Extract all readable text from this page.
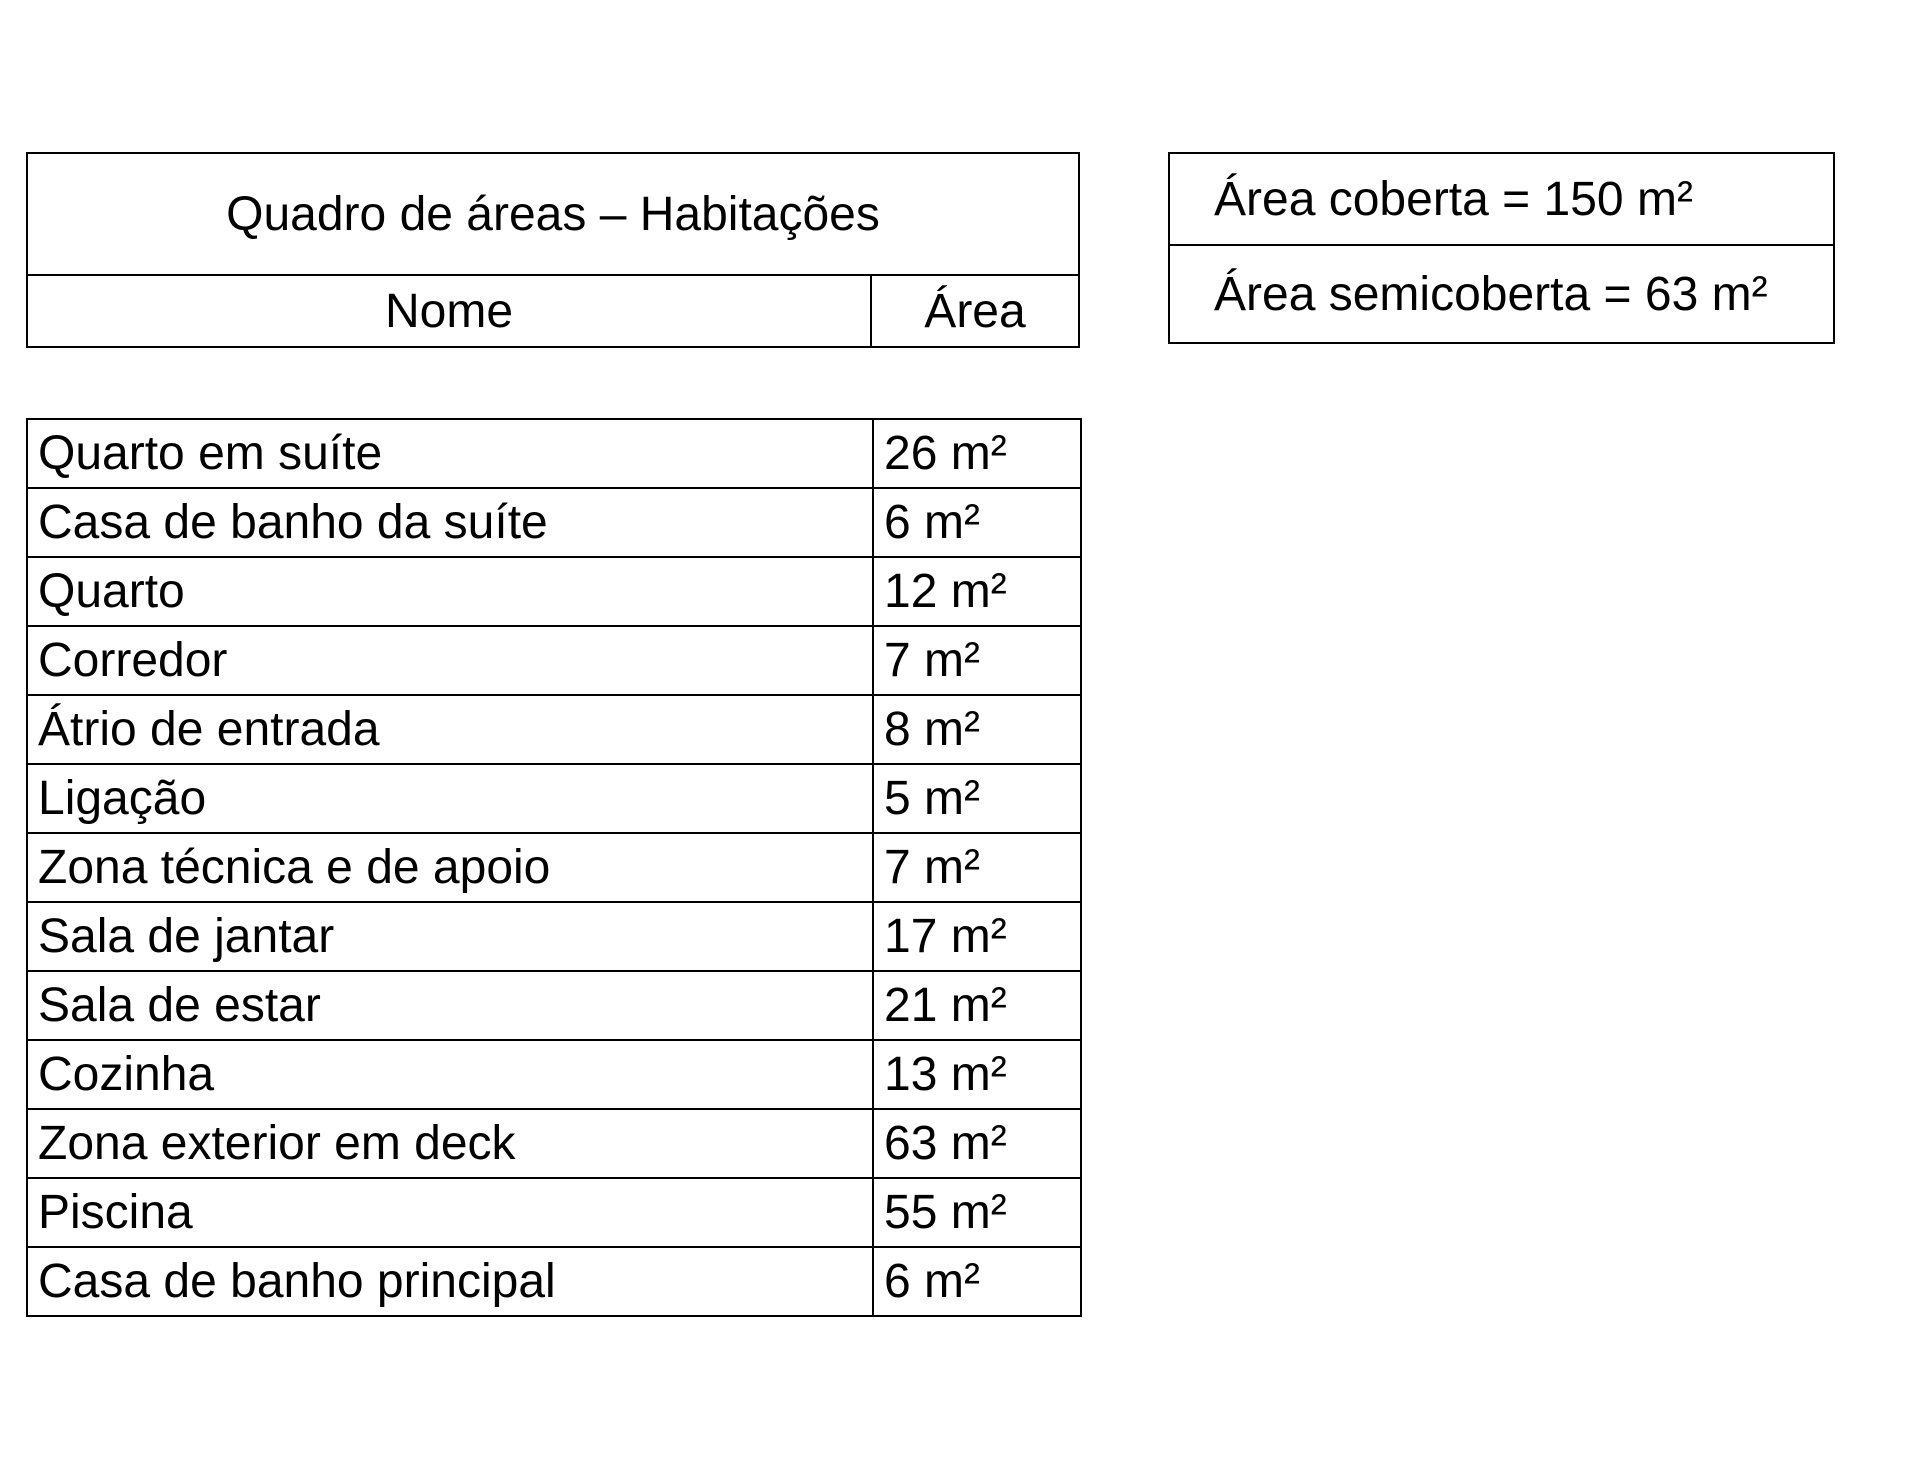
Quadro de áreas – Habitações
Nome	Área
Área coberta = 150 m²
Área semicoberta = 63 m²
Quarto em suíte	26 m²
Casa de banho da suíte	6 m²
Quarto	12 m²
Corredor	7 m²
Átrio de entrada	8 m²
Ligação	5 m²
Zona técnica e de apoio	7 m²
Sala de jantar	17 m²
Sala de estar	21 m²
Cozinha	13 m²
Zona exterior em deck	63 m²
Piscina	55 m²
Casa de banho principal	6 m²
